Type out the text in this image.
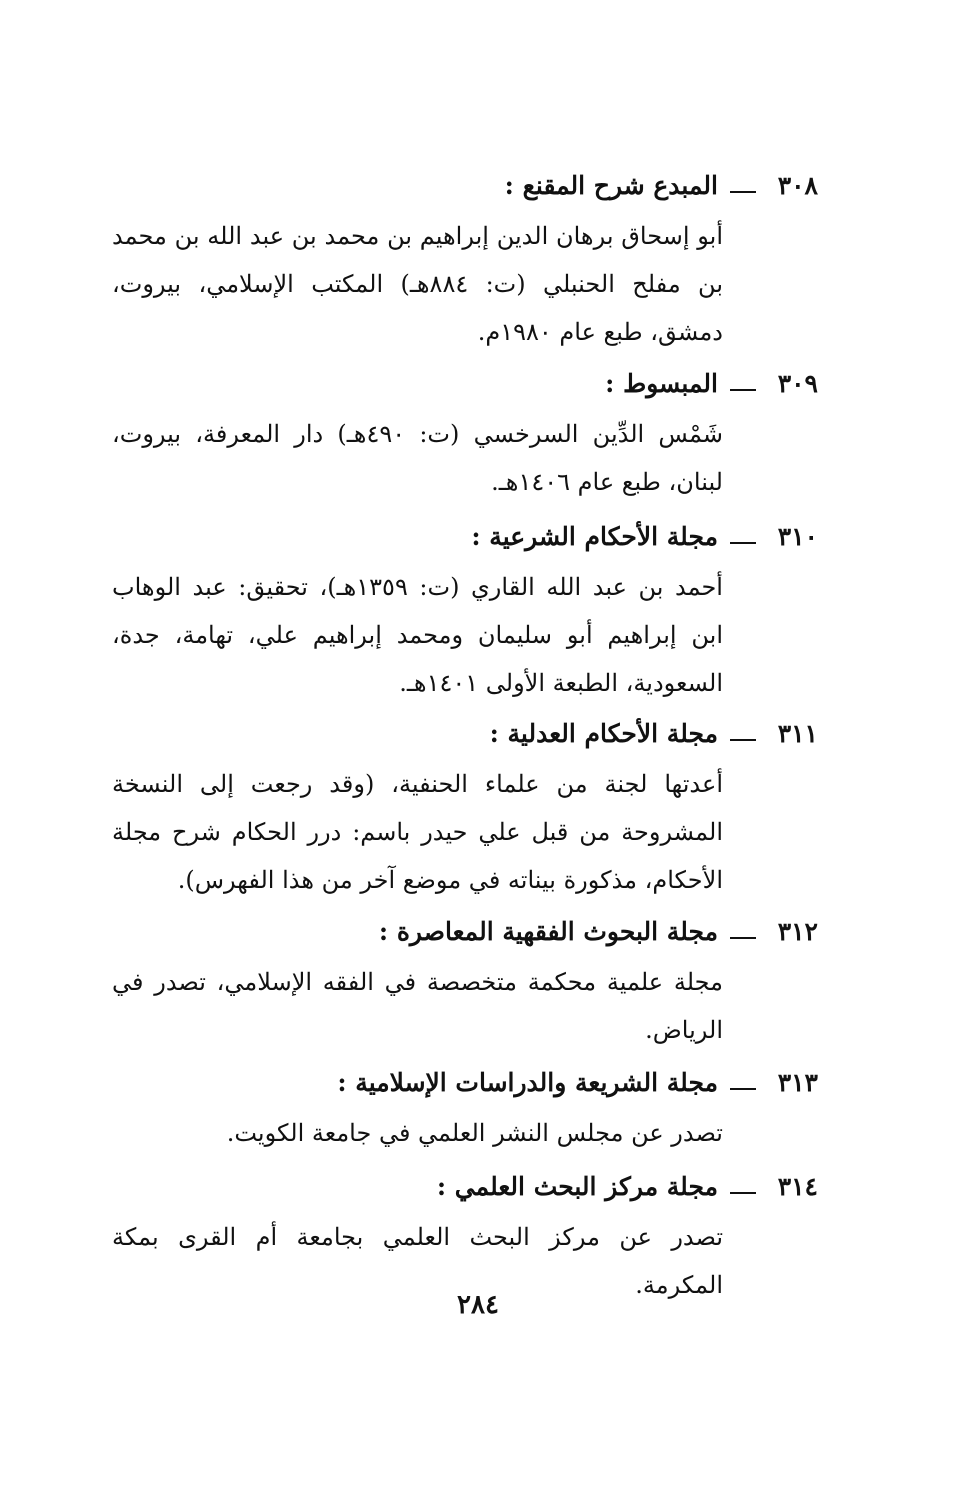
٣٠٨المبدع شرح المقنع :
أبو إسحاق برهان الدين إبراهيم بن محمد بن عبد الله بن محمد بن مفلح الحنبلي (ت: ٨٨٤هـ) المكتب الإسلامي، بيروت، دمشق، طبع عام ١٩٨٠م.
٣٠٩المبسوط :
شَمْس الدِّين السرخسي (ت: ٤٩٠هـ) دار المعرفة، بيروت، لبنان، طبع عام ١٤٠٦هـ.
٣١٠مجلة الأحكام الشرعية :
أحمد بن عبد الله القاري (ت: ١٣٥٩هـ)، تحقيق: عبد الوهاب ابن إبراهيم أبو سليمان ومحمد إبراهيم علي، تهامة، جدة، السعودية، الطبعة الأولى ١٤٠١هـ.
٣١١مجلة الأحكام العدلية :
أعدتها لجنة من علماء الحنفية، (وقد رجعت إلى النسخة المشروحة من قبل علي حيدر باسم: درر الحكام شرح مجلة الأحكام، مذكورة بيناته في موضع آخر من هذا الفهرس).
٣١٢مجلة البحوث الفقهية المعاصرة :
مجلة علمية محكمة متخصصة في الفقه الإسلامي، تصدر في الرياض.
٣١٣مجلة الشريعة والدراسات الإسلامية :
تصدر عن مجلس النشر العلمي في جامعة الكويت.
٣١٤مجلة مركز البحث العلمي :
تصدر عن مركز البحث العلمي بجامعة أم القرى بمكة المكرمة.
٢٨٤
